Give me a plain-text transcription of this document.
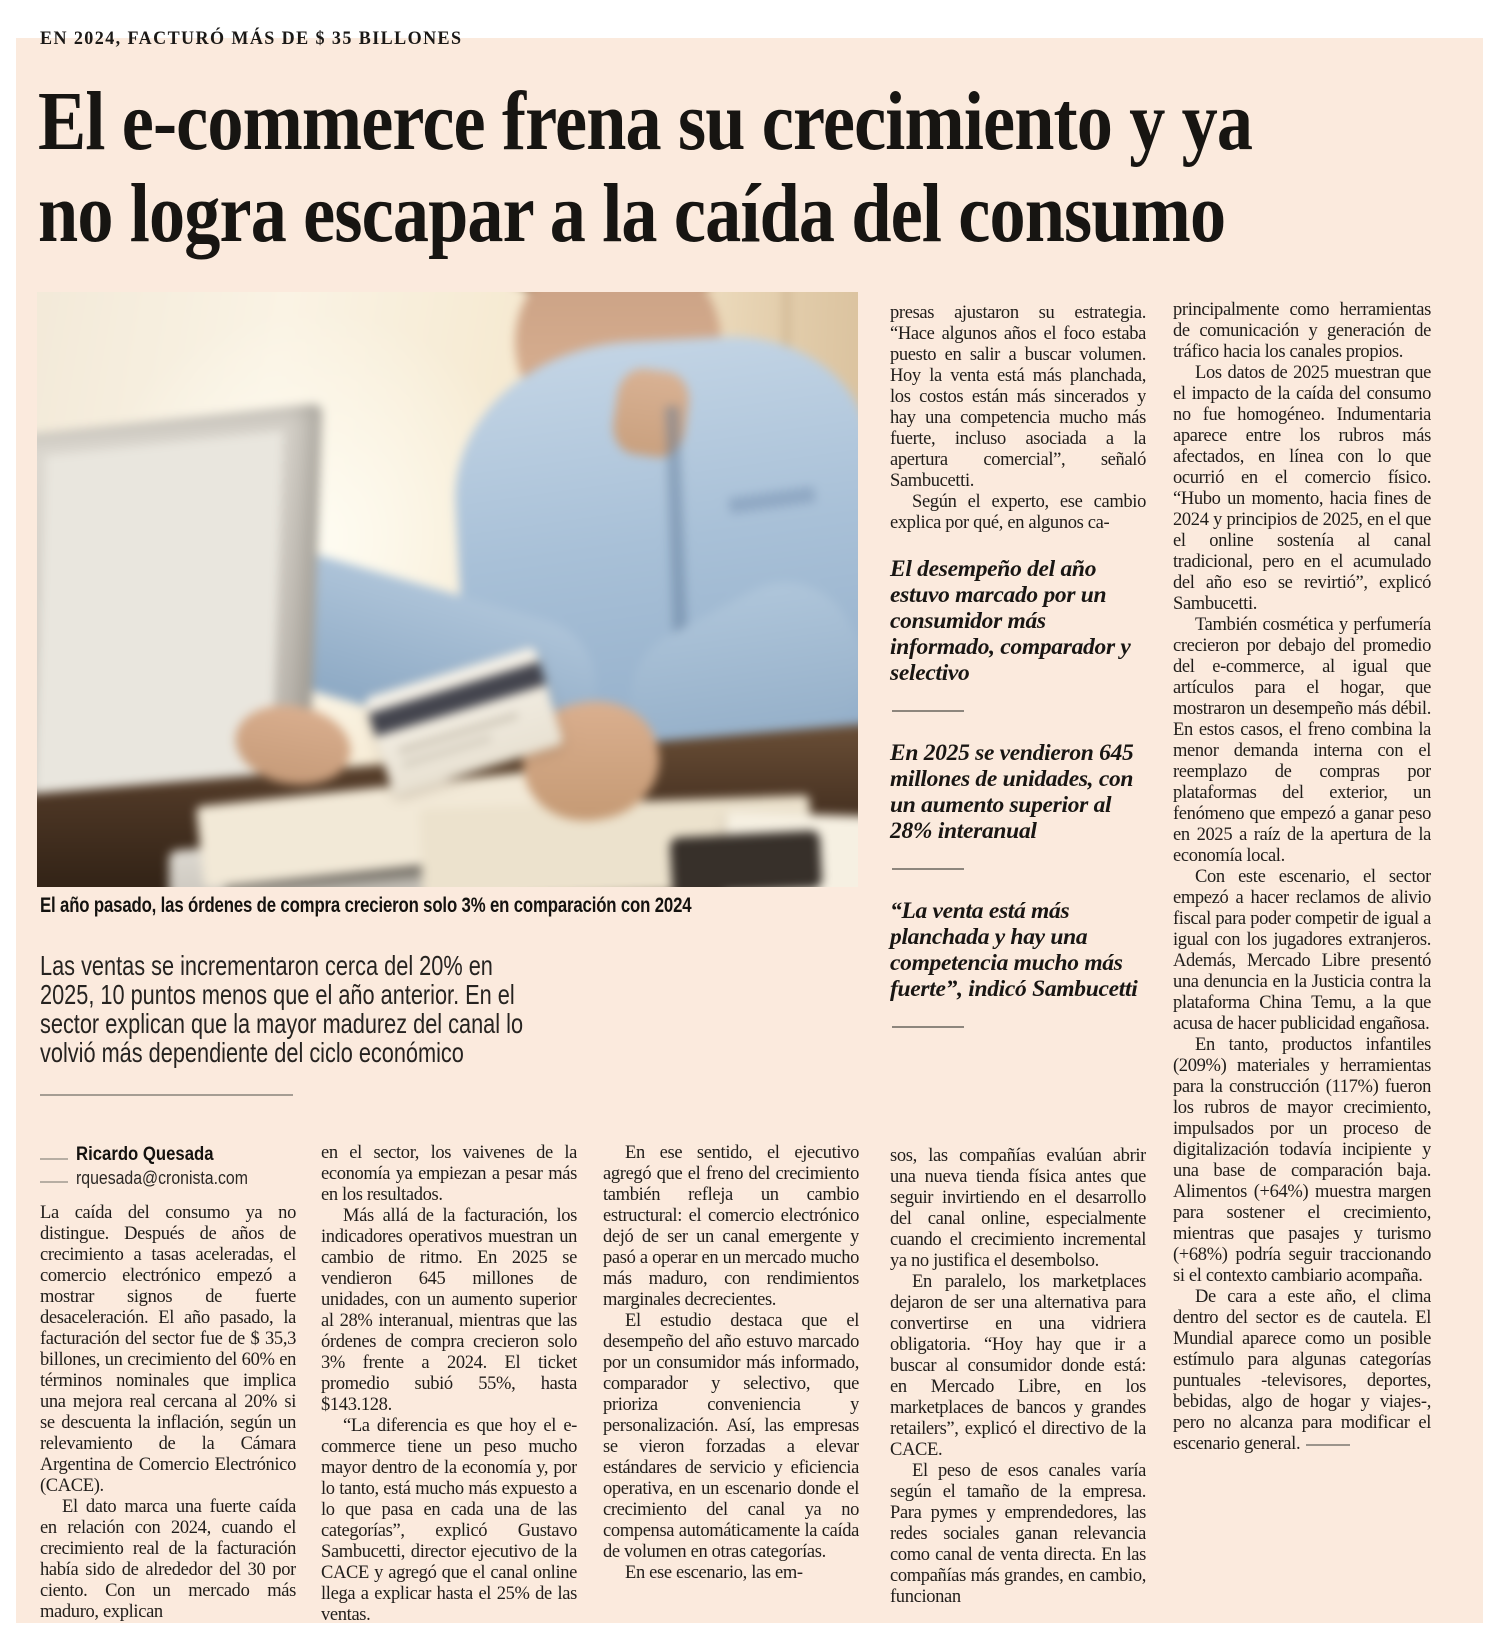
EN 2024, FACTURÓ MÁS DE $ 35 BILLONES
El e-commerce frena su crecimiento y ya
no logra escapar a la caída del consumo
El año pasado, las órdenes de compra crecieron solo 3% en comparación con 2024
Las ventas se incrementaron cerca del 20% en 2025, 10 puntos menos que el año anterior. En el sector explican que la mayor madurez del canal lo volvió más dependiente del ciclo económico
Ricardo Quesada
rquesada@cronista.com

La caída del consumo ya no distingue. Después de años de crecimiento a tasas aceleradas, el comercio electrónico empezó a mostrar signos de fuerte desaceleración. El año pasado, la facturación del sector fue de $ 35,3 billones, un crecimiento del 60% en términos nominales que implica una mejora real cercana al 20% si se descuenta la inflación, según un relevamiento de la Cámara Argentina de Comercio Electrónico (CACE).

El dato marca una fuerte caída en relación con 2024, cuando el crecimiento real de la facturación había sido de alrededor del 30 por ciento. Con un mercado más maduro, explican

en el sector, los vaivenes de la economía ya empiezan a pesar más en los resultados.

Más allá de la facturación, los indicadores operativos muestran un cambio de ritmo. En 2025 se vendieron 645 millones de unidades, con un aumento superior al 28% interanual, mientras que las órdenes de compra crecieron solo 3% frente a 2024. El ticket promedio subió 55%, hasta $143.128.

“La diferencia es que hoy el e-commerce tiene un peso mucho mayor dentro de la economía y, por lo tanto, está mucho más expuesto a lo que pasa en cada una de las categorías”, explicó Gustavo Sambucetti, director ejecutivo de la CACE y agregó que el canal online llega a explicar hasta el 25% de las ventas.

En ese sentido, el ejecutivo agregó que el freno del crecimiento también refleja un cambio estructural: el comercio electrónico dejó de ser un canal emergente y pasó a operar en un mercado mucho más maduro, con rendimientos marginales decrecientes.

El estudio destaca que el desempeño del año estuvo marcado por un consumidor más informado, comparador y selectivo, que prioriza conveniencia y personalización. Así, las empresas se vieron forzadas a elevar estándares de servicio y eficiencia operativa, en un escenario donde el crecimiento del canal ya no compensa automáticamente la caída de volumen en otras categorías.

En ese escenario, las em-

presas ajustaron su estrategia. “Hace algunos años el foco estaba puesto en salir a buscar volumen. Hoy la venta está más planchada, los costos están más sincerados y hay una competencia mucho más fuerte, incluso asociada a la apertura comercial”, señaló Sambucetti.

Según el experto, ese cambio explica por qué, en algunos ca-

El desempeño del año estuvo marcado por un consumidor más informado, comparador y selectivo
En 2025 se vendieron 645 millones de unidades, con un aumento superior al 28% interanual
“La venta está más planchada y hay una competencia mucho más fuerte”, indicó Sambucetti

sos, las compañías evalúan abrir una nueva tienda física antes que seguir invirtiendo en el desarrollo del canal online, especialmente cuando el crecimiento incremental ya no justifica el desembolso.

En paralelo, los marketplaces dejaron de ser una alternativa para convertirse en una vidriera obligatoria. “Hoy hay que ir a buscar al consumidor donde está: en Mercado Libre, en los marketplaces de bancos y grandes retailers”, explicó el directivo de la CACE.

El peso de esos canales varía según el tamaño de la empresa. Para pymes y emprendedores, las redes sociales ganan relevancia como canal de venta directa. En las compañías más grandes, en cambio, funcionan

principalmente como herramientas de comunicación y generación de tráfico hacia los canales propios.

Los datos de 2025 muestran que el impacto de la caída del consumo no fue homogéneo. Indumentaria aparece entre los rubros más afectados, en línea con lo que ocurrió en el comercio físico. “Hubo un momento, hacia fines de 2024 y principios de 2025, en el que el online sostenía al canal tradicional, pero en el acumulado del año eso se revirtió”, explicó Sambucetti.

También cosmética y perfumería crecieron por debajo del promedio del e-commerce, al igual que artículos para el hogar, que mostraron un desempeño más débil. En estos casos, el freno combina la menor demanda interna con el reemplazo de compras por plataformas del exterior, un fenómeno que empezó a ganar peso en 2025 a raíz de la apertura de la economía local.

Con este escenario, el sector empezó a hacer reclamos de alivio fiscal para poder competir de igual a igual con los jugadores extranjeros. Además, Mercado Libre presentó una denuncia en la Justicia contra la plataforma China Temu, a la que acusa de hacer publicidad engañosa.

En tanto, productos infantiles (209%) materiales y herramientas para la construcción (117%) fueron los rubros de mayor crecimiento, impulsados por un proceso de digitalización todavía incipiente y una base de comparación baja. Alimentos (+64%) muestra margen para sostener el crecimiento, mientras que pasajes y turismo (+68%) podría seguir traccionando si el contexto cambiario acompaña.

De cara a este año, el clima dentro del sector es de cautela. El Mundial aparece como un posible estímulo para algunas categorías puntuales -televisores, deportes, bebidas, algo de hogar y viajes-, pero no alcanza para modificar el escenario general.
